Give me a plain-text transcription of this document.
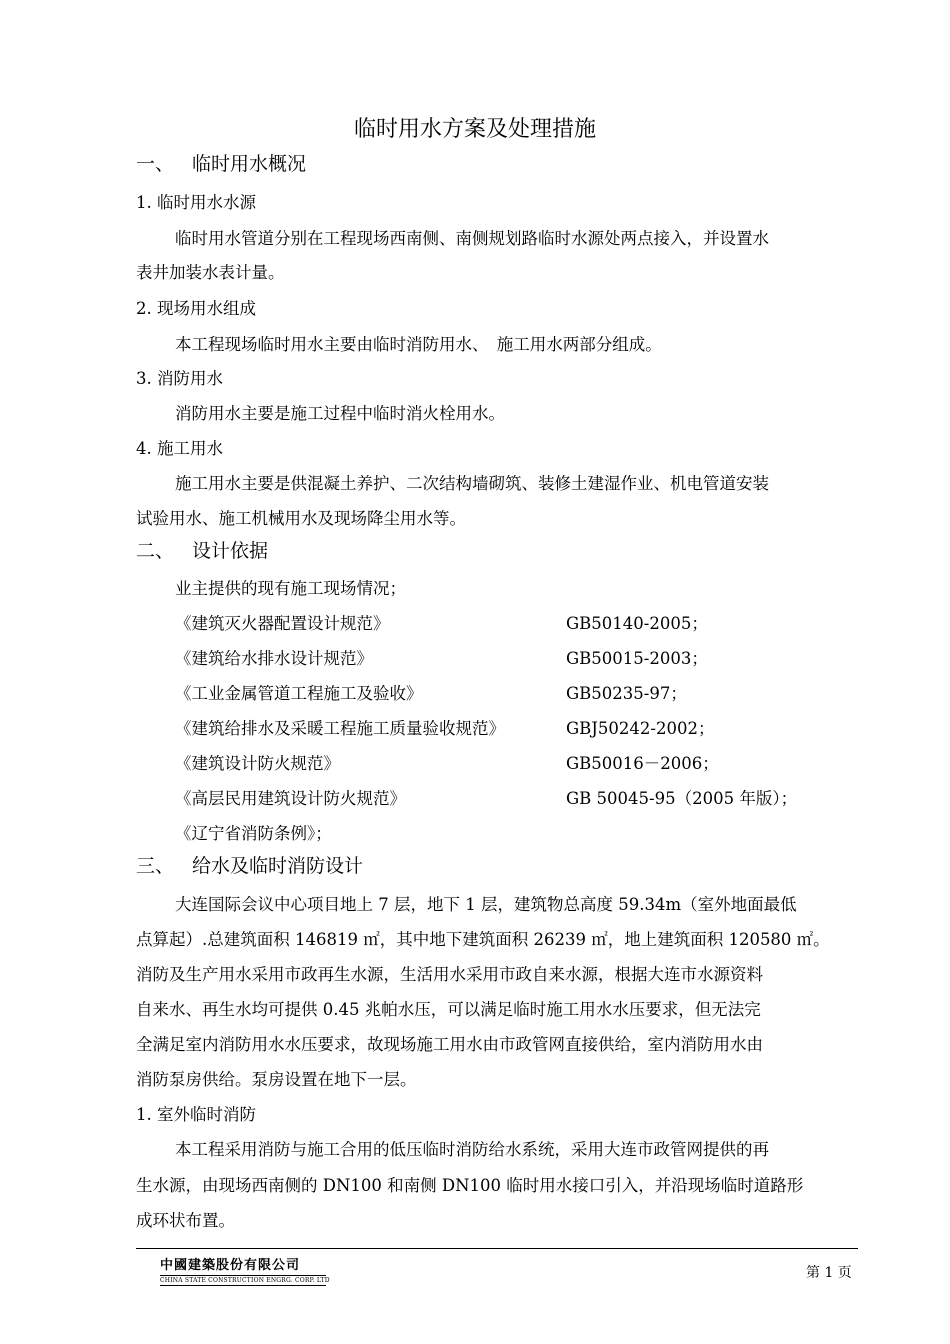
临时用水方案及处理措施
一、 临时用水概况
1. 临时用水水源
临时用水管道分别在工程现场西南侧、南侧规划路临时水源处两点接入，并设置水
表井加装水表计量。
2. 现场用水组成
本工程现场临时用水主要由临时消防用水、　施工用水两部分组成。
3. 消防用水
消防用水主要是施工过程中临时消火栓用水。
4. 施工用水
施工用水主要是供混凝土养护、二次结构墙砌筑、装修土建湿作业、机电管道安装
试验用水、施工机械用水及现场降尘用水等。
二、 设计依据
业主提供的现有施工现场情况；
《建筑灭火器配置设计规范》	GB50140-2005；
《建筑给水排水设计规范》	GB50015-2003；
《工业金属管道工程施工及验收》	GB50235-97；
《建筑给排水及采暖工程施工质量验收规范》	GBJ50242-2002；
《建筑设计防火规范》	GB50016－2006；
《高层民用建筑设计防火规范》	GB 50045-95（2005 年版）；
《辽宁省消防条例》；
三、 给水及临时消防设计
大连国际会议中心项目地上 7 层，地下 1 层，建筑物总高度 59.34m（室外地面最低
点算起）.总建筑面积 146819 ㎡，其中地下建筑面积 26239 ㎡，地上建筑面积 120580 ㎡。
消防及生产用水采用市政再生水源，生活用水采用市政自来水源，根据大连市水源资料
自来水、再生水均可提供 0.45 兆帕水压，可以满足临时施工用水水压要求，但无法完
全满足室内消防用水水压要求，故现场施工用水由市政管网直接供给，室内消防用水由
消防泵房供给。泵房设置在地下一层。
1. 室外临时消防
本工程采用消防与施工合用的低压临时消防给水系统，采用大连市政管网提供的再
生水源，由现场西南侧的 DN100 和南侧 DN100 临时用水接口引入，并沿现场临时道路形
成环状布置。
中國建築股份有限公司
CHINA STATE CONSTRUCTION ENGRG. CORP. LTD	第 1 页
